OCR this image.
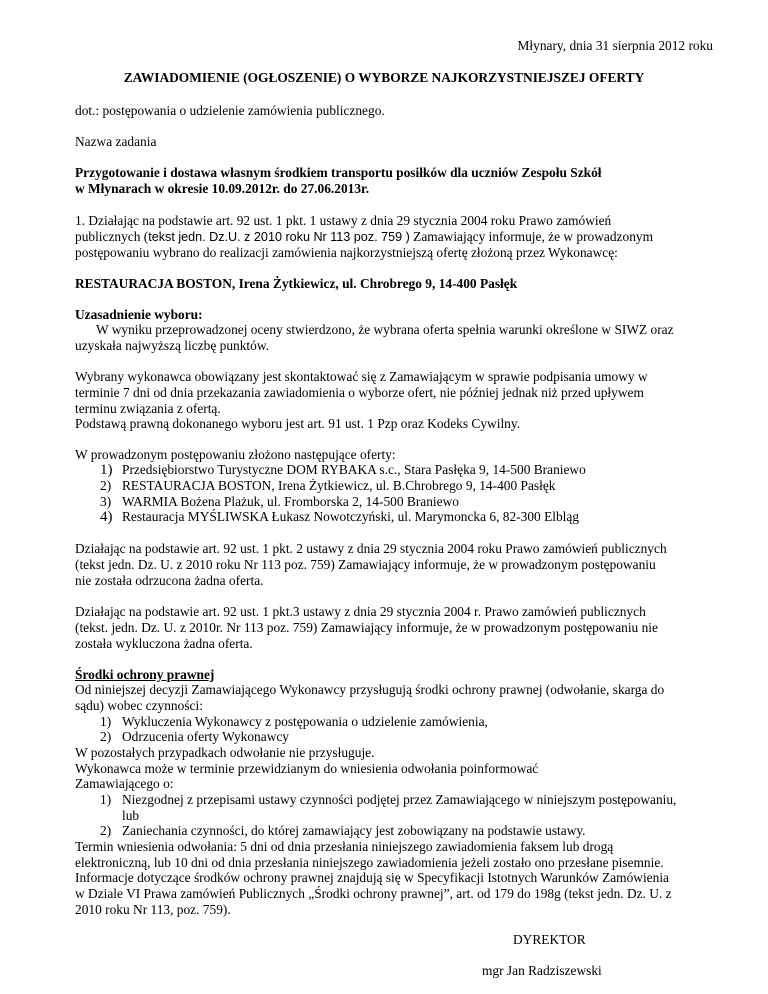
Młynary, dnia 31 sierpnia 2012 roku
ZAWIADOMIENIE (OGŁOSZENIE) O WYBORZE NAJKORZYSTNIEJSZEJ OFERTY
dot.: postępowania o udzielenie zamówienia publicznego.
Nazwa zadania
Przygotowanie i dostawa własnym środkiem transportu posiłków dla uczniów Zespołu Szkół
w Młynarach w okresie 10.09.2012r. do 27.06.2013r.
1. Działając na podstawie art. 92 ust. 1 pkt. 1 ustawy z dnia 29 stycznia 2004 roku Prawo zamówień
publicznych (tekst jedn. Dz.U. z 2010 roku Nr 113 poz. 759 ) Zamawiający informuje, że w prowadzonym
postępowaniu wybrano do realizacji zamówienia najkorzystniejszą ofertę złożoną przez Wykonawcę:
RESTAURACJA BOSTON, Irena Żytkiewicz, ul. Chrobrego 9, 14-400 Pasłęk
Uzasadnienie wyboru:
W wyniku przeprowadzonej oceny stwierdzono, że wybrana oferta spełnia warunki określone w SIWZ oraz
uzyskała najwyższą liczbę punktów.
Wybrany wykonawca obowiązany jest skontaktować się z Zamawiającym w sprawie podpisania umowy w
terminie 7 dni od dnia przekazania zawiadomienia o wyborze ofert, nie później jednak niż przed upływem
terminu związania z ofertą.
Podstawą prawną dokonanego wyboru jest art. 91 ust. 1 Pzp oraz Kodeks Cywilny.
W prowadzonym postępowaniu złożono następujące oferty:
1) Przedsiębiorstwo Turystyczne DOM RYBAKA s.c., Stara Pasłęka 9, 14-500 Braniewo
2) RESTAURACJA BOSTON, Irena Żytkiewicz, ul. B.Chrobrego 9, 14-400 Pasłęk
3) WARMIA Bożena Plażuk, ul. Fromborska 2, 14-500 Braniewo
4) Restauracja MYŚLIWSKA Łukasz Nowotczyński, ul. Marymoncka 6, 82-300 Elbląg
Działając na podstawie art. 92 ust. 1 pkt. 2 ustawy z dnia 29 stycznia 2004 roku Prawo zamówień publicznych
(tekst jedn. Dz. U. z 2010 roku Nr 113 poz. 759) Zamawiający informuje, że w prowadzonym postępowaniu
nie została odrzucona żadna oferta.
Działając na podstawie art. 92 ust. 1 pkt.3 ustawy z dnia 29 stycznia 2004 r. Prawo zamówień publicznych
(tekst. jedn. Dz. U. z 2010r. Nr 113 poz. 759) Zamawiający informuje, że w prowadzonym postępowaniu nie
została wykluczona żadna oferta.
Środki ochrony prawnej
Od niniejszej decyzji Zamawiającego Wykonawcy przysługują środki ochrony prawnej (odwołanie, skarga do
sądu) wobec czynności:
1) Wykluczenia Wykonawcy z postępowania o udzielenie zamówienia,
2) Odrzucenia oferty Wykonawcy
W pozostałych przypadkach odwołanie nie przysługuje.
Wykonawca może w terminie przewidzianym do wniesienia odwołania poinformować
Zamawiającego o:
1) Niezgodnej z przepisami ustawy czynności podjętej przez Zamawiającego w niniejszym postępowaniu,
lub
2) Zaniechania czynności, do której zamawiający jest zobowiązany na podstawie ustawy.
Termin wniesienia odwołania: 5 dni od dnia przesłania niniejszego zawiadomienia faksem lub drogą
elektroniczną, lub 10 dni od dnia przesłania niniejszego zawiadomienia jeżeli zostało ono przesłane pisemnie.
Informacje dotyczące środków ochrony prawnej znajdują się w Specyfikacji Istotnych Warunków Zamówienia
w Dziale VI Prawa zamówień Publicznych „Środki ochrony prawnej”, art. od 179 do 198g (tekst jedn. Dz. U. z
2010 roku Nr 113, poz. 759).
DYREKTOR
mgr Jan Radziszewski
